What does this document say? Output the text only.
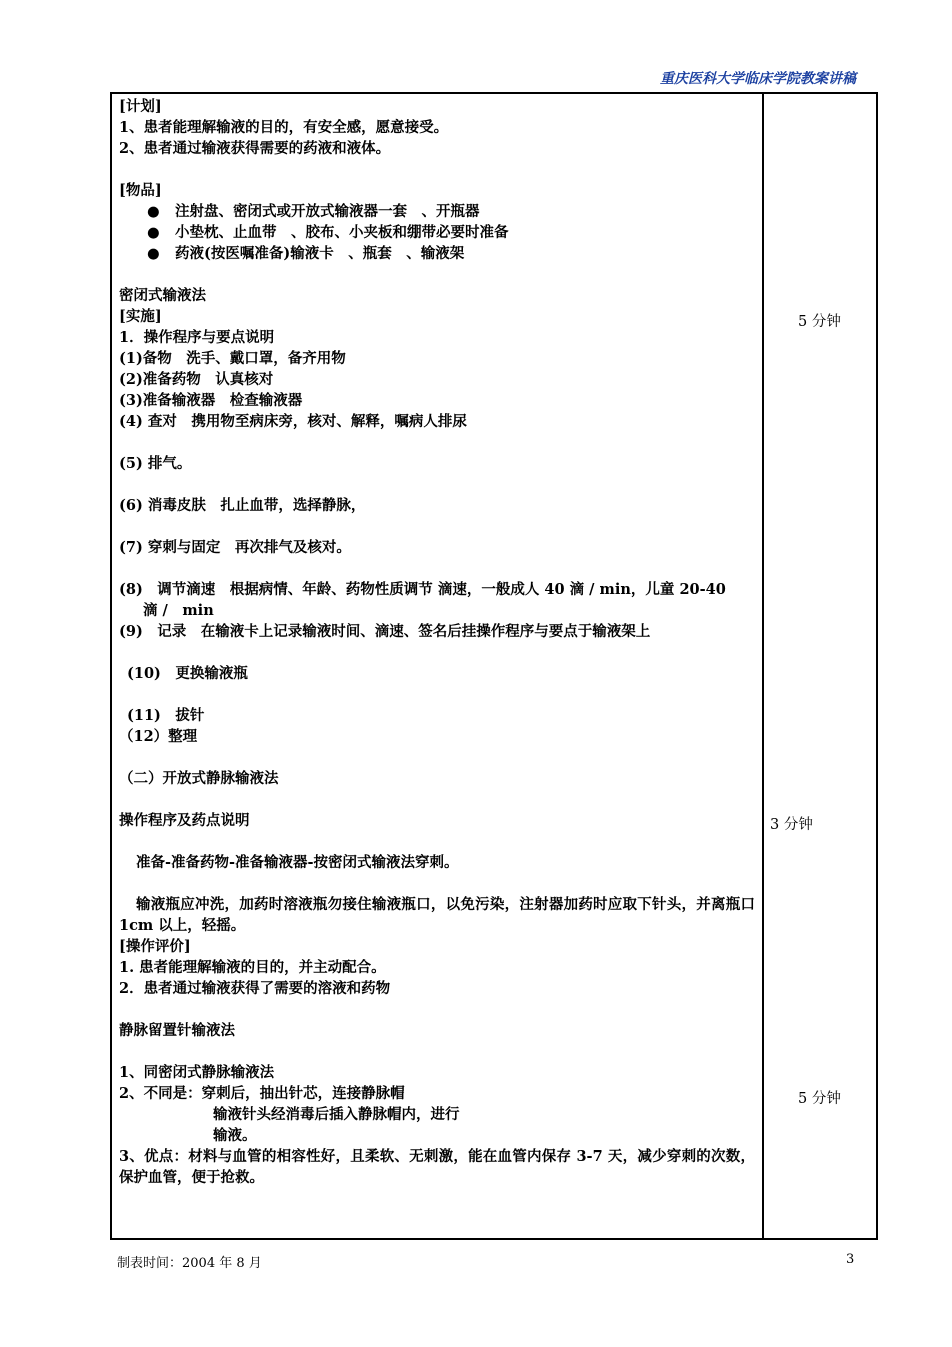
重庆医科大学临床学院教案讲稿

[计划]

1、患者能理解输液的目的，有安全感，愿意接受。

2、患者通过输液获得需要的药液和液体。

[物品]

● 注射盘、密闭式或开放式输液器一套　、开瓶器

● 小垫枕、止血带　、胶布、小夹板和绷带必要时准备

● 药液(按医嘱准备)输液卡　、瓶套　、输液架

密闭式输液法

[实施]

1．操作程序与要点说明

(1)备物　洗手、戴口罩，备齐用物

(2)准备药物　认真核对

(3)准备输液器　检查输液器

(4) 查对　携用物至病床旁，核对、解释，嘱病人排尿

(5) 排气。

(6) 消毒皮肤　扎止血带，选择静脉，

(7) 穿刺与固定　再次排气及核对。

(8)　调节滴速　根据病情、年龄、药物性质调节 滴速，一般成人 40 滴 / min，儿童 20-40

滴 /　min

(9)　记录　在输液卡上记录输液时间、滴速、签名后挂操作程序与要点于输液架上

(10)　更换输液瓶

(11)　拔针

（12）整理

（二）开放式静脉输液法

操作程序及药点说明

准备-准备药物-准备输液器-按密闭式输液法穿刺。

输液瓶应冲洗，加药时溶液瓶勿接住输液瓶口，以免污染，注射器加药时应取下针头，并离瓶口 1cm 以上，轻摇。

[操作评价]

1. 患者能理解输液的目的，并主动配合。

2．患者通过输液获得了需要的溶液和药物

静脉留置针输液法

1、同密闭式静脉输液法

2、不同是：穿刺后，抽出针芯，连接静脉帽

输液针头经消毒后插入静脉帽内，进行

输液。

3、优点：材料与血管的相容性好，且柔软、无刺激，能在血管内保存 3-7 天，减少穿刺的次数，保护血管，便于抢救。

5 分钟
3 分钟
5 分钟
制表时间：2004 年 8 月	3
